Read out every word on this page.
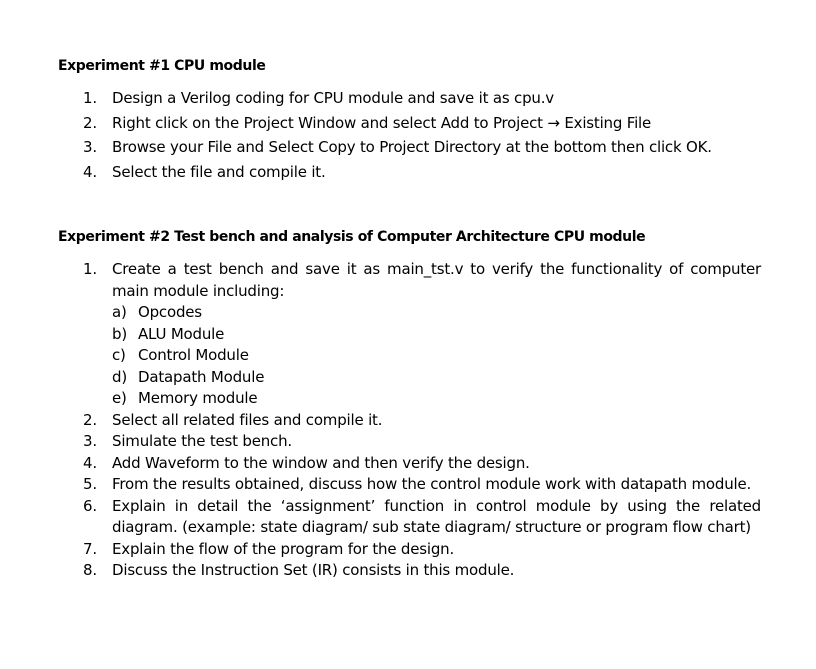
Experiment #1 CPU module
1.	Design a Verilog coding for CPU module and save it as cpu.v
2.	Right click on the Project Window and select Add to Project → Existing File
3.	Browse your File and Select Copy to Project Directory at the bottom then click OK.
4.	Select the file and compile it.
Experiment #2 Test bench and analysis of Computer Architecture CPU module
1.	Create a test bench and save it as main_tst.v to verify the functionality of computer main module including:
a) Opcodes
b) ALU Module
c) Control Module
d) Datapath Module
e) Memory module
2.	Select all related files and compile it.
3.	Simulate the test bench.
4.	Add Waveform to the window and then verify the design.
5.	From the results obtained, discuss how the control module work with datapath module.
6.	Explain in detail the ‘assignment’ function in control module by using the related diagram. (example: state diagram/ sub state diagram/ structure or program flow chart)
7.	Explain the flow of the program for the design.
8.	Discuss the Instruction Set (IR) consists in this module.
